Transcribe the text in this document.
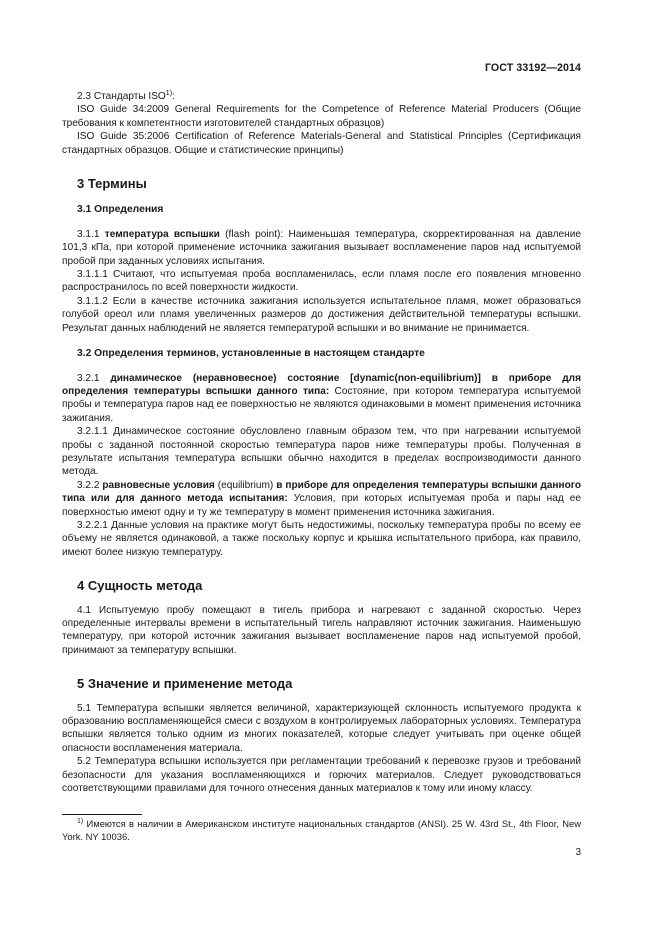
ГОСТ 33192—2014

2.3 Стандарты ISO$^{1)}$:

ISO Guide 34:2009 General Requirements for the Competence of Reference Material Producers (Общие требования к компетентности изготовителей стандартных образцов)

ISO Guide 35:2006 Certification of Reference Materials-General and Statistical Principles (Сертификация стандартных образцов. Общие и статистические принципы)

3 Термины

3.1 Определения

3.1.1 температура вспышки (flash point): Наименьшая температура, скорректированная на давление 101,3 кПа, при которой применение источника зажигания вызывает воспламенение паров над испытуемой пробой при заданных условиях испытания.

3.1.1.1 Считают, что испытуемая проба воспламенилась, если пламя после его появления мгновенно распространилось по всей поверхности жидкости.

3.1.1.2 Если в качестве источника зажигания используется испытательное пламя, может образоваться голубой ореол или пламя увеличенных размеров до достижения действительной температуры вспышки. Результат данных наблюдений не является температурой вспышки и во внимание не принимается.

3.2 Определения терминов, установленные в настоящем стандарте

3.2.1 динамическое (неравновесное) состояние [dynamic(non-equilibrium)] в приборе для определения температуры вспышки данного типа: Состояние, при котором температура испытуемой пробы и температура паров над ее поверхностью не являются одинаковыми в момент применения источника зажигания.

3.2.1.1 Динамическое состояние обусловлено главным образом тем, что при нагревании испытуемой пробы с заданной постоянной скоростью температура паров ниже температуры пробы. Полученная в результате испытания температура вспышки обычно находится в пределах воспроизводимости данного метода.

3.2.2 равновесные условия (equilibrium) в приборе для определения температуры вспышки данного типа или для данного метода испытания: Условия, при которых испытуемая проба и пары над ее поверхностью имеют одну и ту же температуру в момент применения источника зажигания.

3.2.2.1 Данные условия на практике могут быть недостижимы, поскольку температура пробы по всему ее объему не является одинаковой, а также поскольку корпус и крышка испытательного прибора, как правило, имеют более низкую температуру.

4 Сущность метода

4.1 Испытуемую пробу помещают в тигель прибора и нагревают с заданной скоростью. Через определенные интервалы времени в испытательный тигель направляют источник зажигания. Наименьшую температуру, при которой источник зажигания вызывает воспламенение паров над испытуемой пробой, принимают за температуру вспышки.

5 Значение и применение метода

5.1 Температура вспышки является величиной, характеризующей склонность испытуемого продукта к образованию воспламеняющейся смеси с воздухом в контролируемых лабораторных условиях. Температура вспышки является только одним из многих показателей, которые следует учитывать при оценке общей опасности воспламенения материала.

5.2 Температура вспышки используется при регламентации требований к перевозке грузов и требований безопасности для указания воспламеняющихся и горючих материалов. Следует руководствоваться соответствующими правилами для точного отнесения данных материалов к тому или иному классу.

$^{1)}$ Имеются в наличии в Американском институте национальных стандартов (ANSI). 25 W. 43rd St., 4th Floor, New York. NY 10036.
3
